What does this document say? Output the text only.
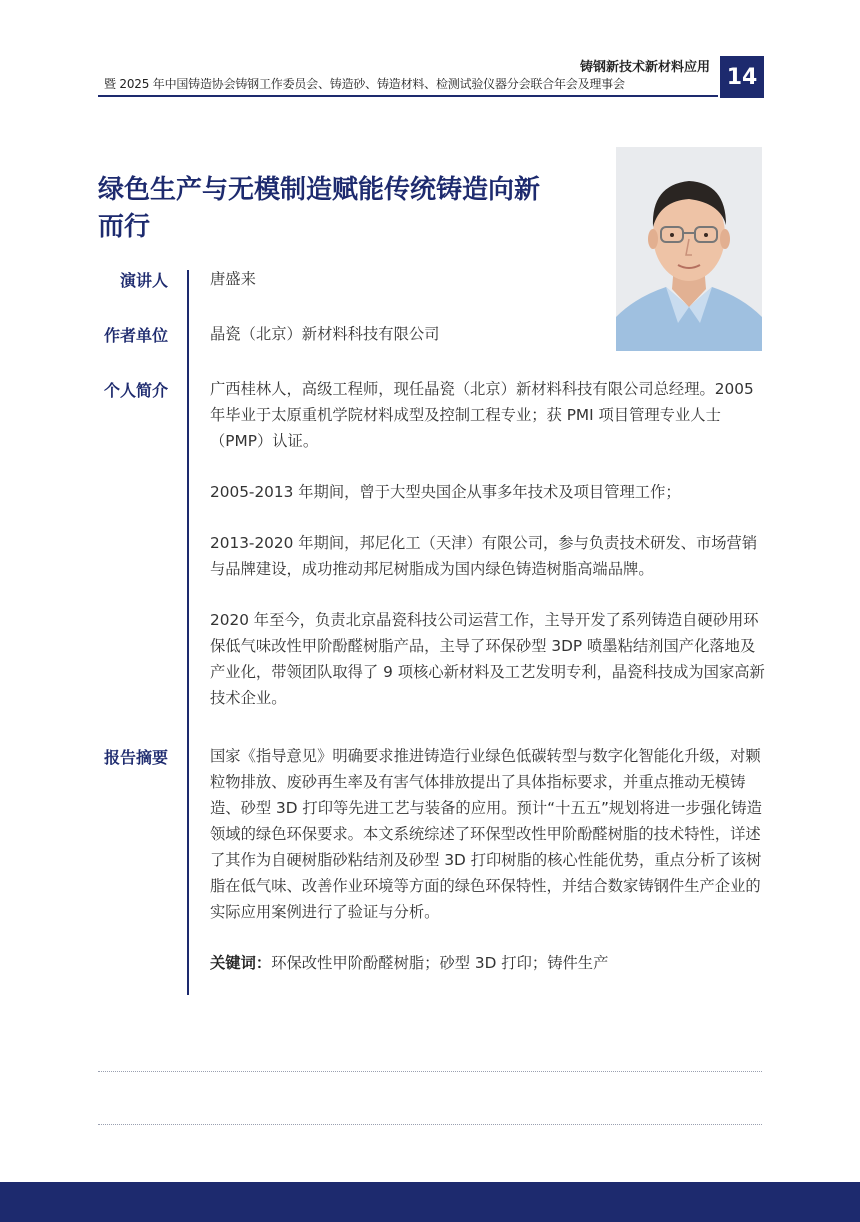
铸钢新技术新材料应用
暨 2025 年中国铸造协会铸钢工作委员会、铸造砂、铸造材料、检测试验仪器分会联合年会及理事会	14
绿色生产与无模制造赋能传统铸造向新
而行
演讲人	唐盛来
作者单位	晶瓷（北京）新材料科技有限公司
个人简介	广西桂林人，高级工程师，现任晶瓷（北京）新材料科技有限公司总经理。2005 年毕业于太原重机学院材料成型及控制工程专业；获 PMI 项目管理专业人士（PMP）认证。

2005-2013 年期间，曾于大型央国企从事多年技术及项目管理工作；

2013-2020 年期间，邦尼化工（天津）有限公司，参与负责技术研发、市场营销与品牌建设，成功推动邦尼树脂成为国内绿色铸造树脂高端品牌。

2020 年至今，负责北京晶瓷科技公司运营工作，主导开发了系列铸造自硬砂用环保低气味改性甲阶酚醛树脂产品，主导了环保砂型 3DP 喷墨粘结剂国产化落地及产业化，带领团队取得了 9 项核心新材料及工艺发明专利，晶瓷科技成为国家高新技术企业。

报告摘要	国家《指导意见》明确要求推进铸造行业绿色低碳转型与数字化智能化升级，对颗粒物排放、废砂再生率及有害气体排放提出了具体指标要求，并重点推动无模铸造、砂型 3D 打印等先进工艺与装备的应用。预计“十五五”规划将进一步强化铸造领域的绿色环保要求。本文系统综述了环保型改性甲阶酚醛树脂的技术特性，详述了其作为自硬树脂砂粘结剂及砂型 3D 打印树脂的核心性能优势，重点分析了该树脂在低气味、改善作业环境等方面的绿色环保特性，并结合数家铸钢件生产企业的实际应用案例进行了验证与分析。

关键词：环保改性甲阶酚醛树脂；砂型 3D 打印；铸件生产
